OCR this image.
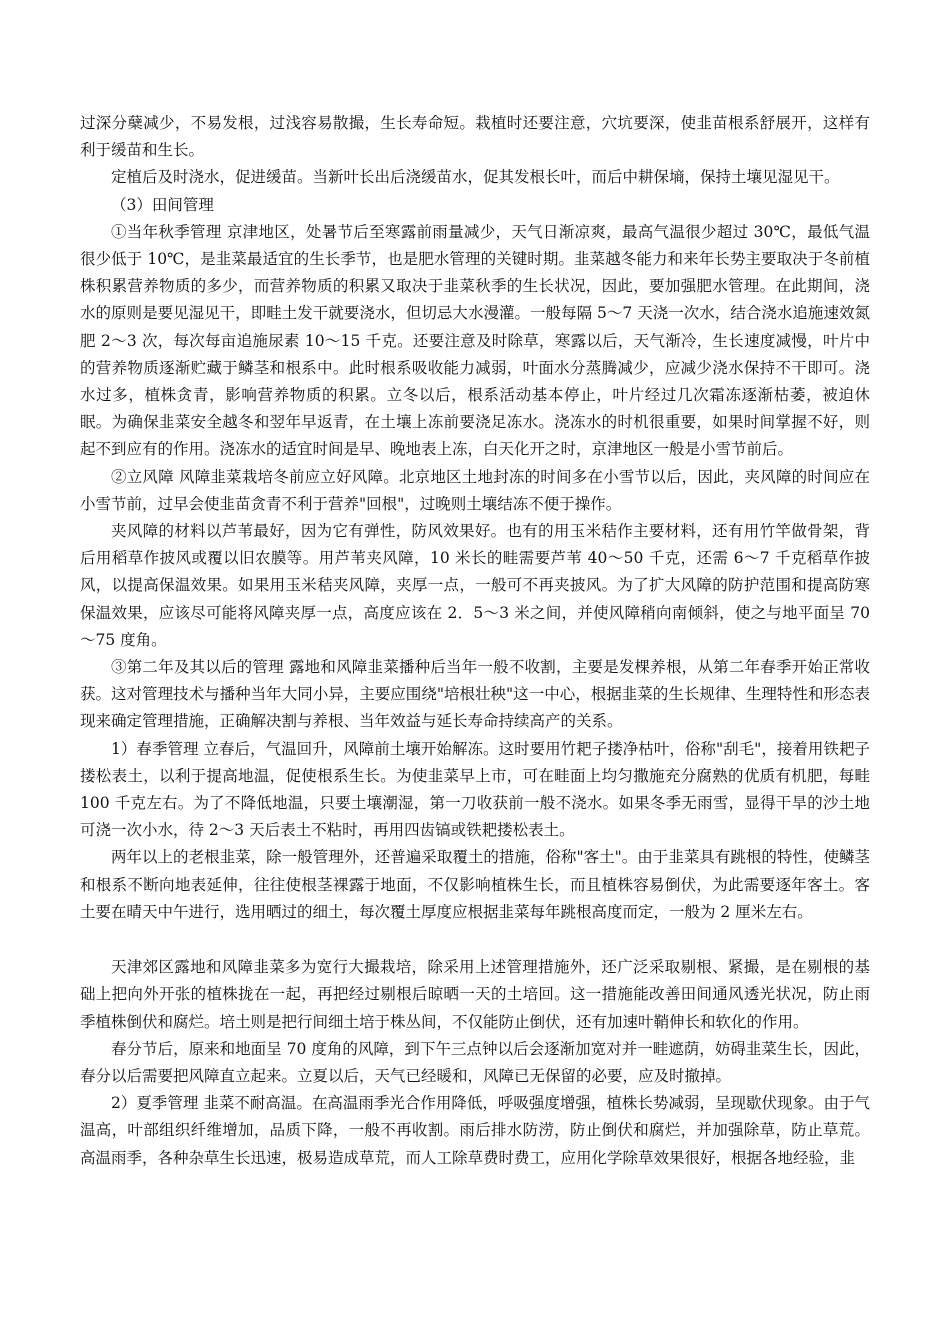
过深分蘖减少，不易发根，过浅容易散撮，生长寿命短。栽植时还要注意，穴坑要深，使韭苗根系舒展开，这样有利于缓苗和生长。

定植后及时浇水，促进缓苗。当新叶长出后浇缓苗水，促其发根长叶，而后中耕保墒，保持土壤见湿见干。

（3）田间管理

①当年秋季管理 京津地区，处暑节后至寒露前雨量减少，天气日渐凉爽，最高气温很少超过 30℃，最低气温很少低于 10℃，是韭菜最适宜的生长季节，也是肥水管理的关键时期。韭菜越冬能力和来年长势主要取决于冬前植株积累营养物质的多少，而营养物质的积累又取决于韭菜秋季的生长状况，因此，要加强肥水管理。在此期间，浇水的原则是要见湿见干，即畦土发干就要浇水，但切忌大水漫灌。一般每隔 5～7 天浇一次水，结合浇水追施速效氮肥 2～3 次，每次每亩追施尿素 10～15 千克。还要注意及时除草，寒露以后，天气渐冷，生长速度减慢，叶片中的营养物质逐渐贮藏于鳞茎和根系中。此时根系吸收能力减弱，叶面水分蒸腾减少，应减少浇水保持不干即可。浇水过多，植株贪青，影响营养物质的积累。立冬以后，根系活动基本停止，叶片经过几次霜冻逐渐枯萎，被迫休眠。为确保韭菜安全越冬和翌年早返青，在土壤上冻前要浇足冻水。浇冻水的时机很重要，如果时间掌握不好，则起不到应有的作用。浇冻水的适宜时间是早、晚地表上冻，白天化开之时，京津地区一般是小雪节前后。

②立风障 风障韭菜栽培冬前应立好风障。北京地区土地封冻的时间多在小雪节以后，因此，夹风障的时间应在小雪节前，过早会使韭苗贪青不利于营养"回根"，过晚则土壤结冻不便于操作。

夹风障的材料以芦苇最好，因为它有弹性，防风效果好。也有的用玉米秸作主要材料，还有用竹竿做骨架，背后用稻草作披风或覆以旧农膜等。用芦苇夹风障，10 米长的畦需要芦苇 40～50 千克，还需 6～7 千克稻草作披风，以提高保温效果。如果用玉米秸夹风障，夹厚一点，一般可不再夹披风。为了扩大风障的防护范围和提高防寒保温效果，应该尽可能将风障夹厚一点，高度应该在 2．5～3 米之间，并使风障稍向南倾斜，使之与地平面呈 70～75 度角。

③第二年及其以后的管理 露地和风障韭菜播种后当年一般不收割，主要是发棵养根，从第二年春季开始正常收获。这对管理技术与播种当年大同小异，主要应围绕"培根壮秧"这一中心，根据韭菜的生长规律、生理特性和形态表现来确定管理措施，正确解决割与养根、当年效益与延长寿命持续高产的关系。

1）春季管理 立春后，气温回升，风障前土壤开始解冻。这时要用竹耙子搂净枯叶，俗称"刮毛"，接着用铁耙子搂松表土，以利于提高地温，促使根系生长。为使韭菜早上市，可在畦面上均匀撒施充分腐熟的优质有机肥，每畦 100 千克左右。为了不降低地温，只要土壤潮湿，第一刀收获前一般不浇水。如果冬季无雨雪，显得干旱的沙土地可浇一次小水，待 2～3 天后表土不粘时，再用四齿镐或铁耙搂松表土。

两年以上的老根韭菜，除一般管理外，还普遍采取覆土的措施，俗称"客土"。由于韭菜具有跳根的特性，使鳞茎和根系不断向地表延伸，往往使根茎裸露于地面，不仅影响植株生长，而且植株容易倒伏，为此需要逐年客土。客土要在晴天中午进行，选用晒过的细土，每次覆土厚度应根据韭菜每年跳根高度而定，一般为 2 厘米左右。

天津郊区露地和风障韭菜多为宽行大撮栽培，除采用上述管理措施外，还广泛采取剔根、紧撮，是在剔根的基础上把向外开张的植株拢在一起，再把经过剔根后晾晒一天的土培回。这一措施能改善田间通风透光状况，防止雨季植株倒伏和腐烂。培土则是把行间细土培于株丛间，不仅能防止倒伏，还有加速叶鞘伸长和软化的作用。

春分节后，原来和地面呈 70 度角的风障，到下午三点钟以后会逐渐加宽对并一畦遮荫，妨碍韭菜生长，因此，春分以后需要把风障直立起来。立夏以后，天气已经暖和，风障已无保留的必要，应及时撤掉。

2）夏季管理 韭菜不耐高温。在高温雨季光合作用降低，呼吸强度增强，植株长势减弱，呈现歇伏现象。由于气温高，叶部组织纤维增加，品质下降，一般不再收割。雨后排水防涝，防止倒伏和腐烂，并加强除草，防止草荒。高温雨季，各种杂草生长迅速，极易造成草荒，而人工除草费时费工，应用化学除草效果很好，根据各地经验，韭
